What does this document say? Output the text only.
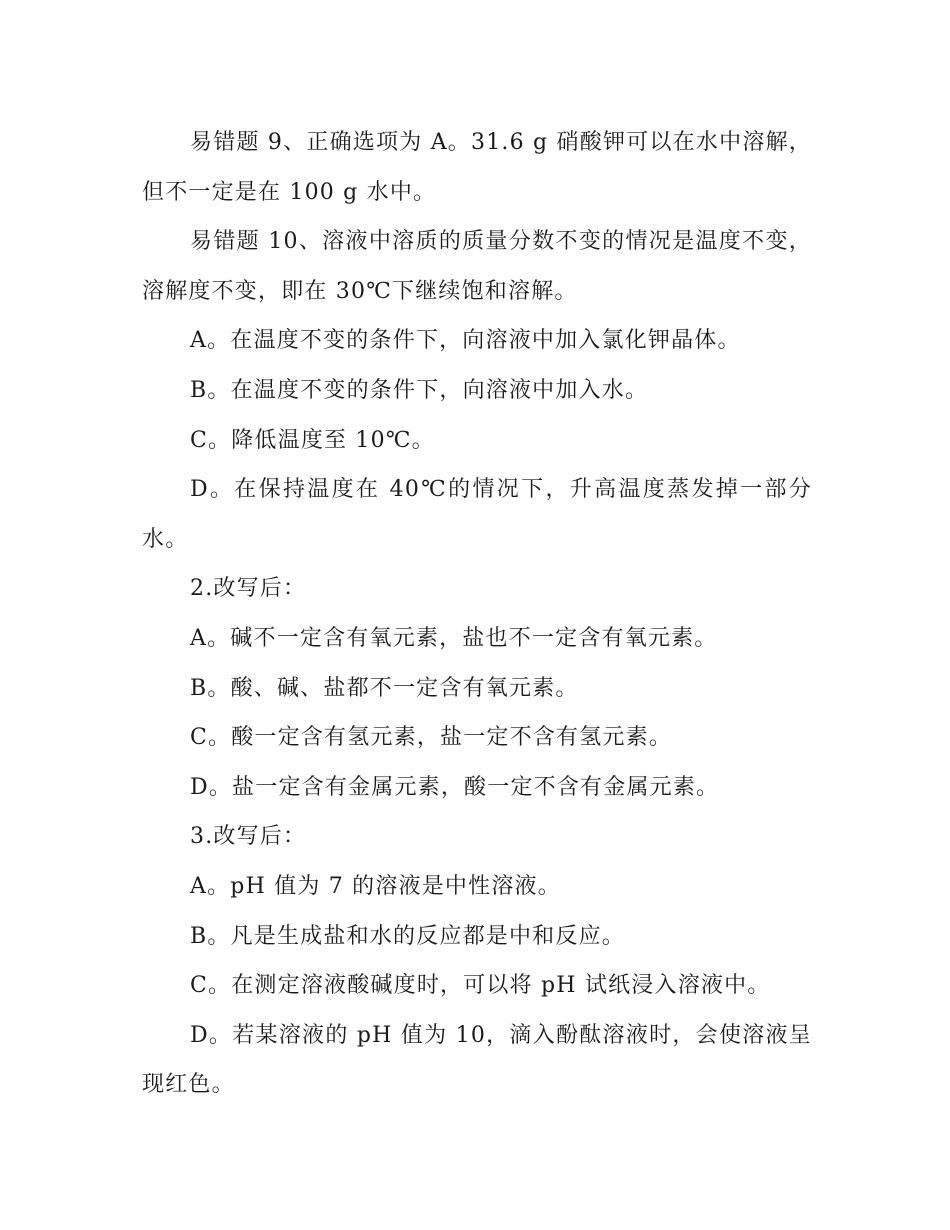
易错题 9、正确选项为 A。31.6 g 硝酸钾可以在水中溶解，但不一定是在 100 g 水中。

易错题 10、溶液中溶质的质量分数不变的情况是温度不变，溶解度不变，即在 30℃下继续饱和溶解。

A。在温度不变的条件下，向溶液中加入氯化钾晶体。

B。在温度不变的条件下，向溶液中加入水。

C。降低温度至 10℃。

D。在保持温度在 40℃的情况下，升高温度蒸发掉一部分水。

2.改写后：

A。碱不一定含有氧元素，盐也不一定含有氧元素。

B。酸、碱、盐都不一定含有氧元素。

C。酸一定含有氢元素，盐一定不含有氢元素。

D。盐一定含有金属元素，酸一定不含有金属元素。

3.改写后：

A。pH 值为 7 的溶液是中性溶液。

B。凡是生成盐和水的反应都是中和反应。

C。在测定溶液酸碱度时，可以将 pH 试纸浸入溶液中。

D。若某溶液的 pH 值为 10，滴入酚酞溶液时，会使溶液呈现红色。
